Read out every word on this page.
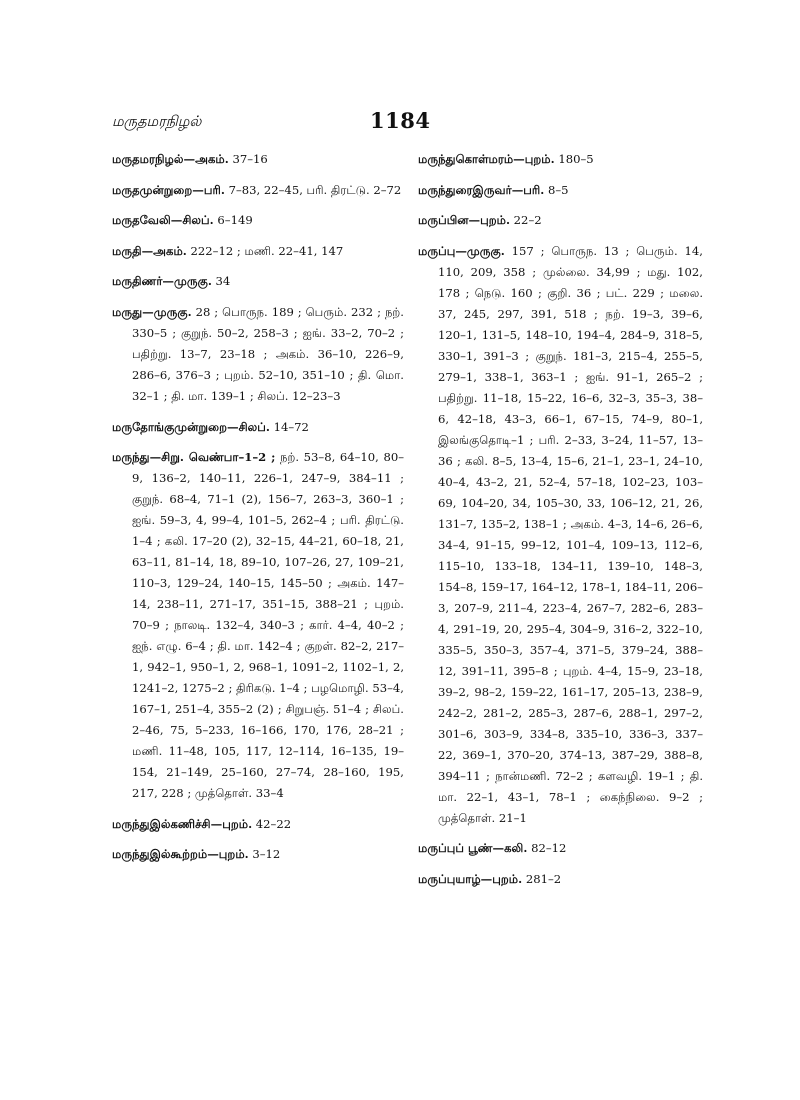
மருதமரநிழல்	1184

மருதமரநிழல்—அகம். 37–16

மருதமுன்றுறை—பரி. 7–83, 22–45, பரி. திரட்டு. 2–72

மருதவேலி—சிலப். 6–149

மருதி—அகம். 222–12 ; மணி. 22–41, 147

மருதிணர்—முருகு. 34

மருது—முருகு. 28 ; பொருந. 189 ; பெரும். 232 ; நற். 330–5 ; குறுந். 50–2, 258–3 ; ஐங். 33–2, 70–2 ; பதிற்று. 13–7, 23–18 ; அகம். 36–10, 226–9, 286–6, 376–3 ; புறம். 52–10, 351–10 ; தி. மொ. 32–1 ; தி. மா. 139–1 ; சிலப். 12–23–3

மருதோங்குமுன்றுறை—சிலப். 14–72

மருந்து—சிறு. வெண்பா–1–2 ; நற். 53–8, 64–10, 80–9, 136–2, 140–11, 226–1, 247–9, 384–11 ; குறுந். 68–4, 71–1 (2), 156–7, 263–3, 360–1 ; ஐங். 59–3, 4, 99–4, 101–5, 262–4 ; பரி. திரட்டு. 1–4 ; கலி. 17–20 (2), 32–15, 44–21, 60–18, 21, 63–11, 81–14, 18, 89–10, 107–26, 27, 109–21, 110–3, 129–24, 140–15, 145–50 ; அகம். 147–14, 238–11, 271–17, 351–15, 388–21 ; புறம். 70–9 ; நாலடி. 132–4, 340–3 ; கார். 4–4, 40–2 ; ஐந். எழு. 6–4 ; தி. மா. 142–4 ; குறள். 82–2, 217–1, 942–1, 950–1, 2, 968–1, 1091–2, 1102–1, 2, 1241–2, 1275–2 ; திரிகடு. 1–4 ; பழமொழி. 53–4, 167–1, 251–4, 355–2 (2) ; சிறுபஞ். 51–4 ; சிலப். 2–46, 75, 5–233, 16–166, 170, 176, 28–21 ; மணி. 11–48, 105, 117, 12–114, 16–135, 19–154, 21–149, 25–160, 27–74, 28–160, 195, 217, 228 ; முத்தொள். 33–4

மருந்துஇல்கணிச்சி—புறம். 42–22

மருந்துஇல்கூற்றம்—புறம். 3–12

மருந்துகொள்மரம்—புறம். 180–5

மருந்துரைஇருவர்—பரி. 8–5

மருப்பின—புறம். 22–2

மருப்பு—முருகு. 157 ; பொருந. 13 ; பெரும். 14, 110, 209, 358 ; முல்லை. 34,99 ; மது. 102, 178 ; நெடு. 160 ; குறி. 36 ; பட். 229 ; மலை. 37, 245, 297, 391, 518 ; நற். 19–3, 39–6, 120–1, 131–5, 148–10, 194–4, 284–9, 318–5, 330–1, 391–3 ; குறுந். 181–3, 215–4, 255–5, 279–1, 338–1, 363–1 ; ஐங். 91–1, 265–2 ; பதிற்று. 11–18, 15–22, 16–6, 32–3, 35–3, 38–6, 42–18, 43–3, 66–1, 67–15, 74–9, 80–1, இலங்குதொடி–1 ; பரி. 2–33, 3–24, 11–57, 13–36 ; கலி. 8–5, 13–4, 15–6, 21–1, 23–1, 24–10, 40–4, 43–2, 21, 52–4, 57–18, 102–23, 103–69, 104–20, 34, 105–30, 33, 106–12, 21, 26, 131–7, 135–2, 138–1 ; அகம். 4–3, 14–6, 26–6, 34–4, 91–15, 99–12, 101–4, 109–13, 112–6, 115–10, 133–18, 134–11, 139–10, 148–3, 154–8, 159–17, 164–12, 178–1, 184–11, 206–3, 207–9, 211–4, 223–4, 267–7, 282–6, 283–4, 291–19, 20, 295–4, 304–9, 316–2, 322–10, 335–5, 350–3, 357–4, 371–5, 379–24, 388–12, 391–11, 395–8 ; புறம். 4–4, 15–9, 23–18, 39–2, 98–2, 159–22, 161–17, 205–13, 238–9, 242–2, 281–2, 285–3, 287–6, 288–1, 297–2, 301–6, 303–9, 334–8, 335–10, 336–3, 337–22, 369–1, 370–20, 374–13, 387–29, 388–8, 394–11 ; நான்மணி. 72–2 ; களவழி. 19–1 ; தி. மா. 22–1, 43–1, 78–1 ; கைந்நிலை. 9–2 ; முத்தொள். 21–1

மருப்புப் பூண்—கலி. 82–12

மருப்புயாழ்—புறம். 281–2
